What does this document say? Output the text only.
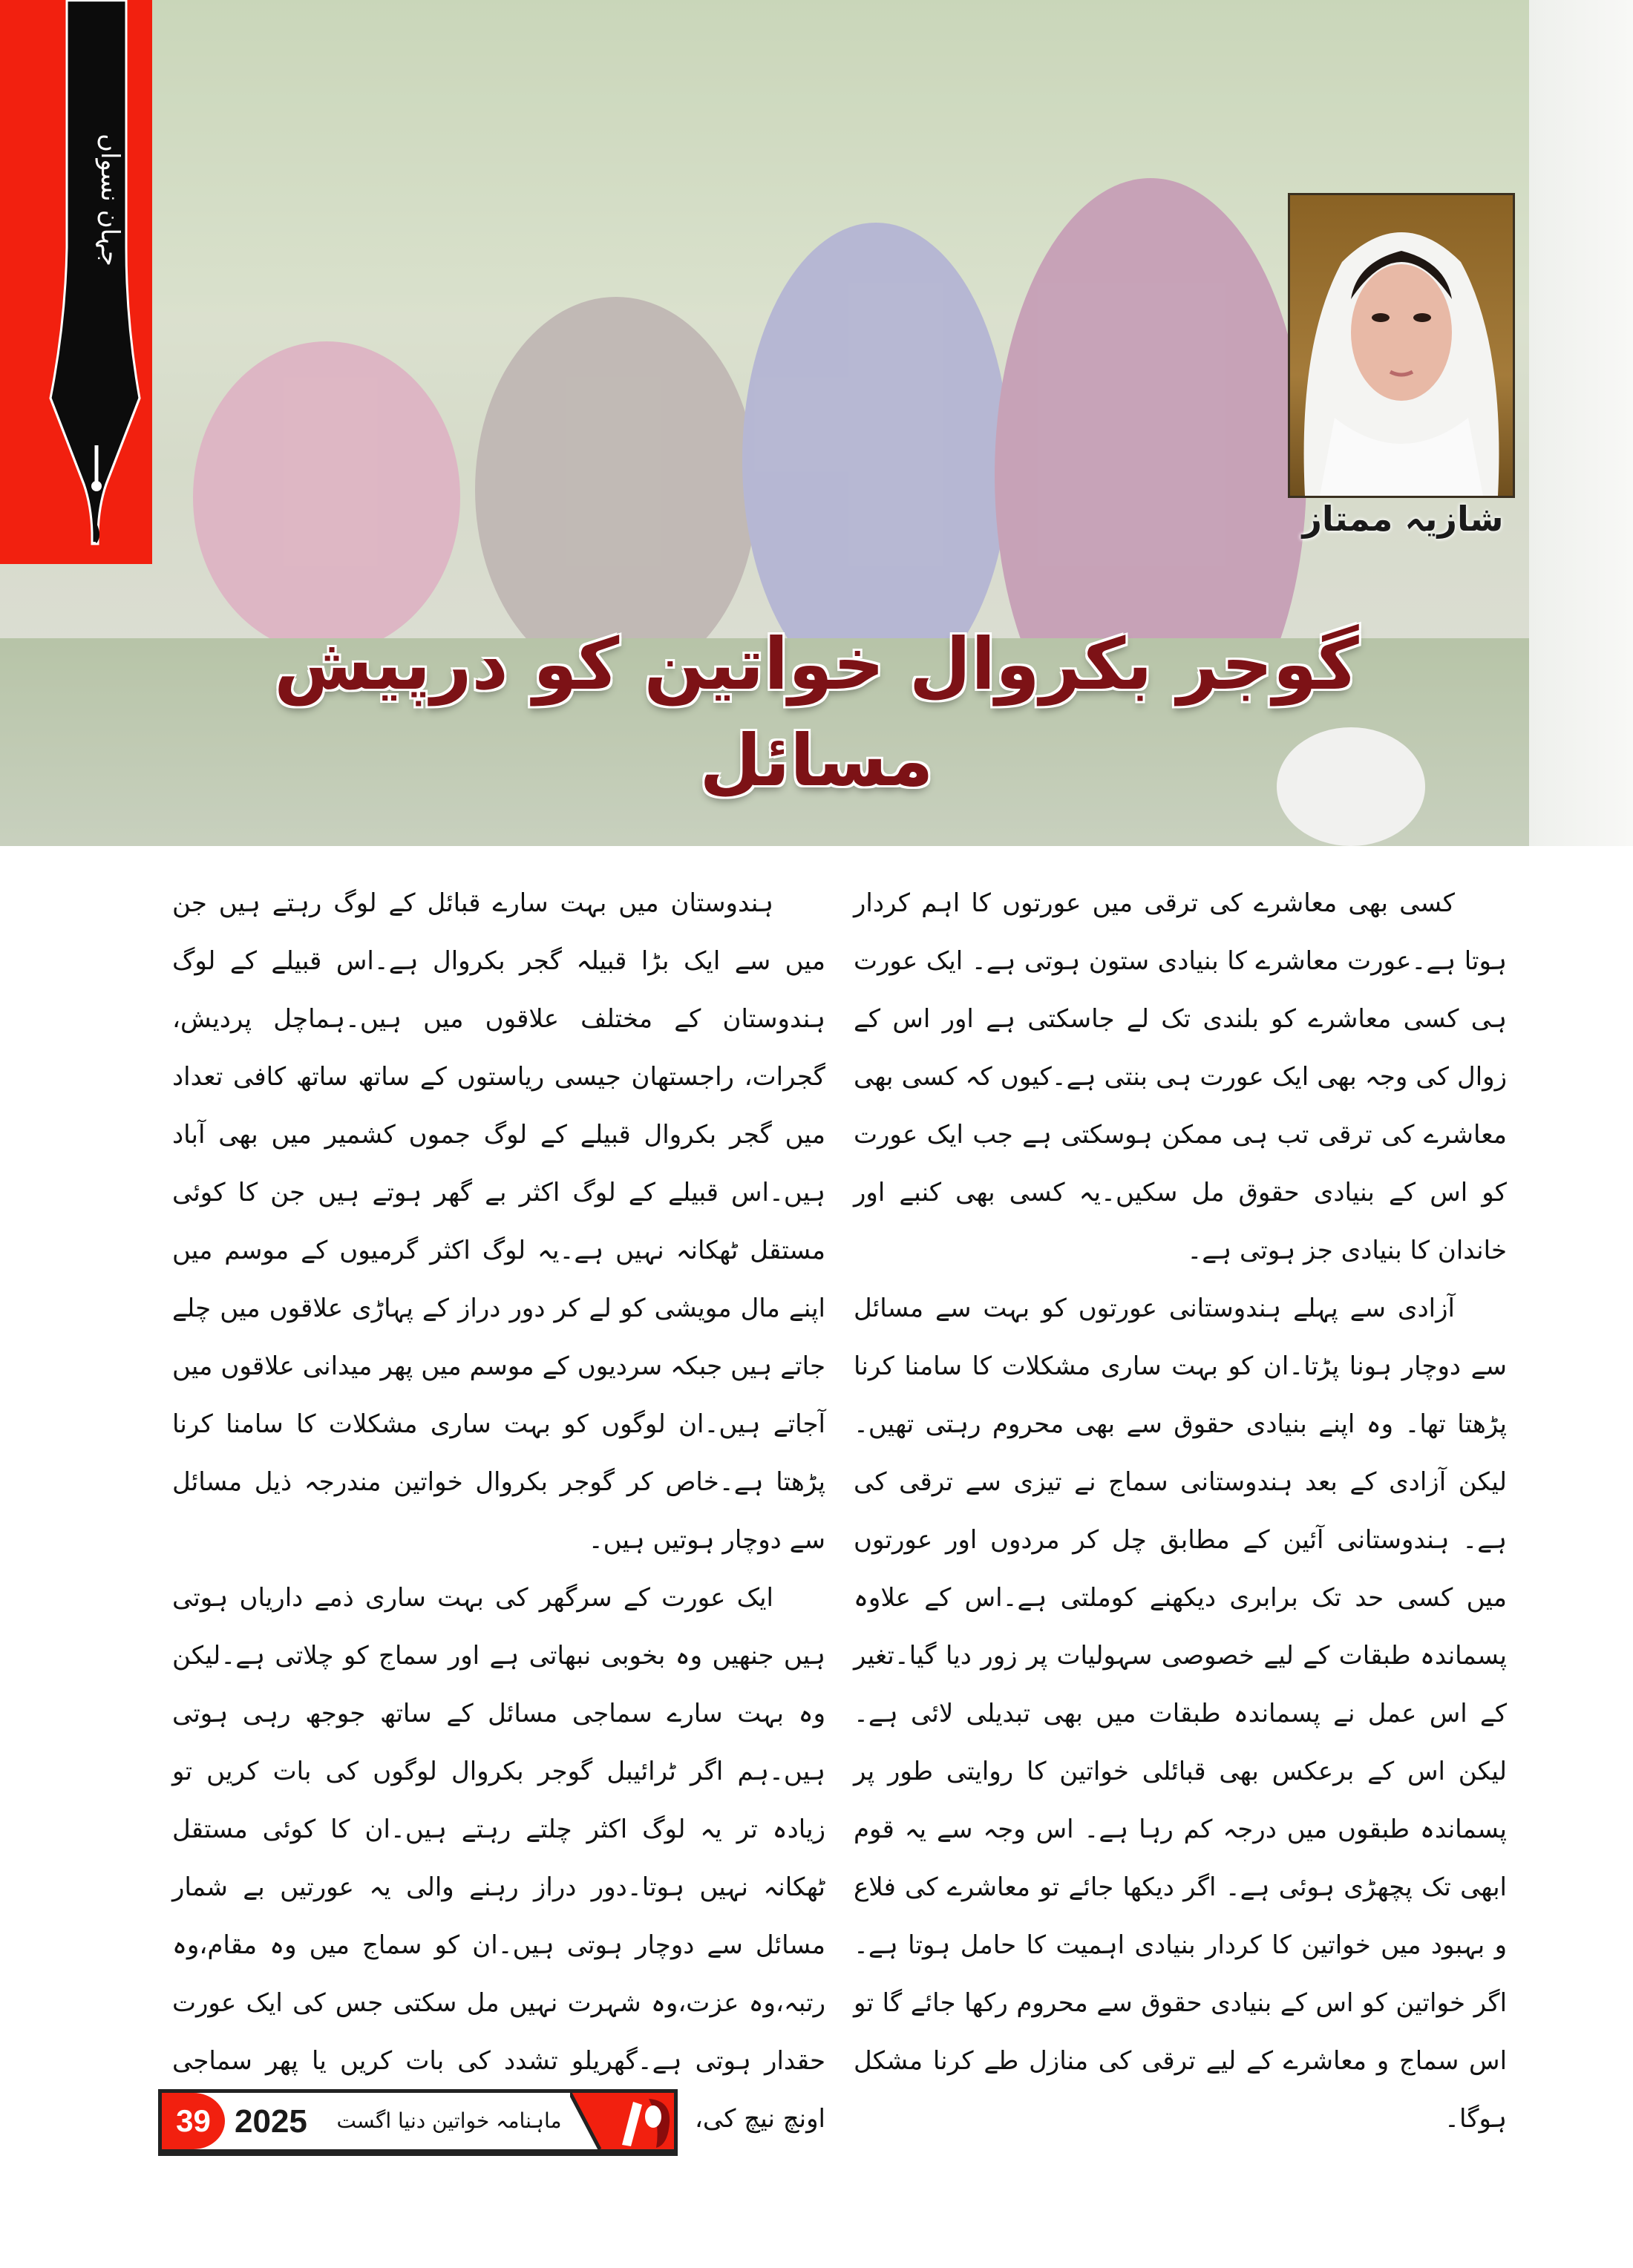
جہان نسواں
شازیہ ممتاز
گوجر بکروال خواتین کو درپیش مسائل

کسی بھی معاشرے کی ترقی میں عورتوں کا اہم کردار ہوتا ہے۔عورت معاشرے کا بنیادی ستون ہوتی ہے۔ ایک عورت ہی کسی معاشرے کو بلندی تک لے جاسکتی ہے اور اس کے زوال کی وجہ بھی ایک عورت ہی بنتی ہے۔کیوں کہ کسی بھی معاشرے کی ترقی تب ہی ممکن ہوسکتی ہے جب ایک عورت کو اس کے بنیادی حقوق مل سکیں۔یہ کسی بھی کنبے اور خاندان کا بنیادی جز ہوتی ہے۔

آزادی سے پہلے ہندوستانی عورتوں کو بہت سے مسائل سے دوچار ہونا پڑتا۔ان کو بہت ساری مشکلات کا سامنا کرنا پڑھتا تھا۔ وہ اپنے بنیادی حقوق سے بھی محروم رہتی تھیں۔لیکن آزادی کے بعد ہندوستانی سماج نے تیزی سے ترقی کی ہے۔ ہندوستانی آئین کے مطابق چل کر مردوں اور عورتوں میں کسی حد تک برابری دیکھنے کوملتی ہے۔اس کے علاوہ پسماندہ طبقات کے لیے خصوصی سہولیات پر زور دیا گیا۔تغیر کے اس عمل نے پسماندہ طبقات میں بھی تبدیلی لائی ہے۔لیکن اس کے برعکس بھی قبائلی خواتین کا روایتی طور پر پسماندہ طبقوں میں درجہ کم رہا ہے۔ اس وجہ سے یہ قوم ابھی تک پچھڑی ہوئی ہے۔ اگر دیکھا جائے تو معاشرے کی فلاع و بہبود میں خواتین کا کردار بنیادی اہمیت کا حامل ہوتا ہے۔اگر خواتین کو اس کے بنیادی حقوق سے محروم رکھا جائے گا تو اس سماج و معاشرے کے لیے ترقی کی منازل طے کرنا مشکل ہوگا۔

ہندوستان میں بہت سارے قبائل کے لوگ رہتے ہیں جن میں سے ایک بڑا قبیلہ گجر بکروال ہے۔اس قبیلے کے لوگ ہندوستان کے مختلف علاقوں میں ہیں۔ہماچل پردیش، گجرات، راجستھان جیسی ریاستوں کے ساتھ ساتھ کافی تعداد میں گجر بکروال قبیلے کے لوگ جموں کشمیر میں بھی آباد ہیں۔اس قبیلے کے لوگ اکثر بے گھر ہوتے ہیں جن کا کوئی مستقل ٹھکانہ نہیں ہے۔یہ لوگ اکثر گرمیوں کے موسم میں اپنے مال مویشی کو لے کر دور دراز کے پہاڑی علاقوں میں چلے جاتے ہیں جبکہ سردیوں کے موسم میں پھر میدانی علاقوں میں آجاتے ہیں۔ان لوگوں کو بہت ساری مشکلات کا سامنا کرنا پڑھتا ہے۔خاص کر گوجر بکروال خواتین مندرجہ ذیل مسائل سے دوچار ہوتیں ہیں۔

ایک عورت کے سرگھر کی بہت ساری ذمے داریاں ہوتی ہیں جنھیں وہ بخوبی نبھاتی ہے اور سماج کو چلاتی ہے۔لیکن وہ بہت سارے سماجی مسائل کے ساتھ جوجھ رہی ہوتی ہیں۔ہم اگر ٹرائیبل گوجر بکروال لوگوں کی بات کریں تو زیادہ تر یہ لوگ اکثر چلتے رہتے ہیں۔ان کا کوئی مستقل ٹھکانہ نہیں ہوتا۔دور دراز رہنے والی یہ عورتیں بے شمار مسائل سے دوچار ہوتی ہیں۔ان کو سماج میں وہ مقام،وہ رتبہ،وہ عزت،وہ شہرت نہیں مل سکتی جس کی ایک عورت حقدار ہوتی ہے۔گھریلو تشدد کی بات کریں یا پھر سماجی اونچ نیچ کی،

39 2025	ماہنامہ خواتین دنیا اگست
